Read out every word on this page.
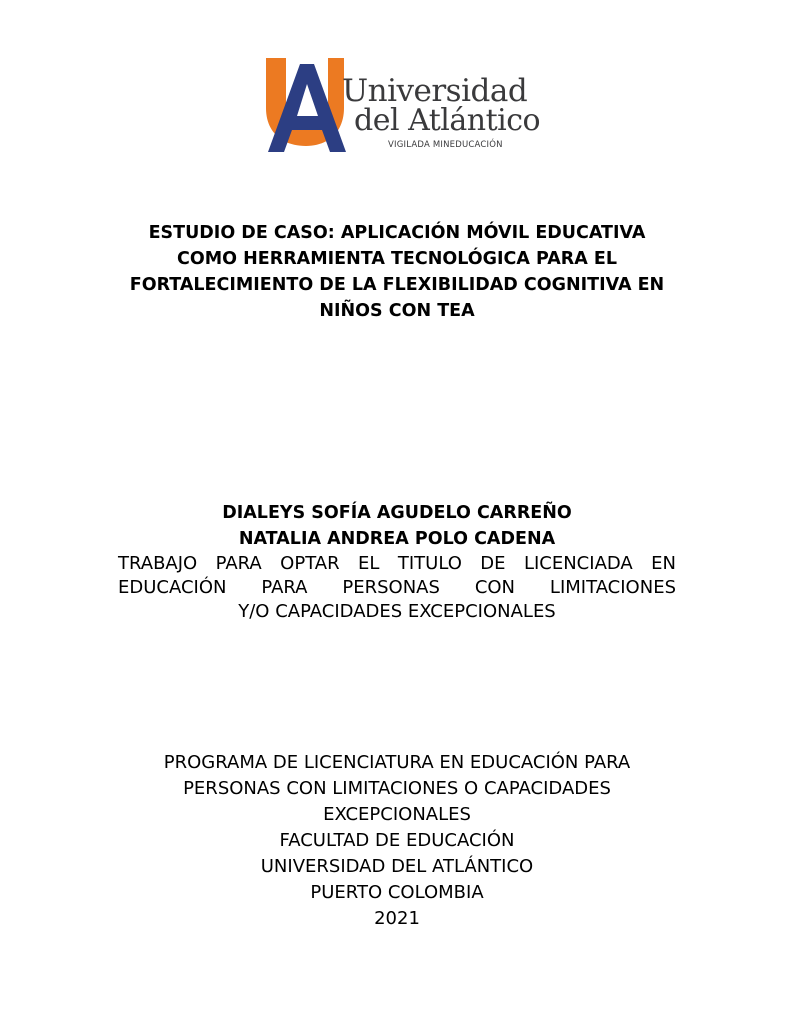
Universidad
del Atlántico
VIGILADA MINEDUCACIÓN
ESTUDIO DE CASO: APLICACIÓN MÓVIL EDUCATIVA
COMO HERRAMIENTA TECNOLÓGICA PARA EL
FORTALECIMIENTO DE LA FLEXIBILIDAD COGNITIVA EN
NIÑOS CON TEA
DIALEYS SOFÍA AGUDELO CARREÑO
NATALIA ANDREA POLO CADENA
TRABAJO PARA OPTAR EL TITULO DE LICENCIADA EN
EDUCACIÓN PARA PERSONAS CON LIMITACIONES
Y/O CAPACIDADES EXCEPCIONALES
PROGRAMA DE LICENCIATURA EN EDUCACIÓN PARA
PERSONAS CON LIMITACIONES O CAPACIDADES
EXCEPCIONALES
FACULTAD DE EDUCACIÓN
UNIVERSIDAD DEL ATLÁNTICO
PUERTO COLOMBIA
2021
